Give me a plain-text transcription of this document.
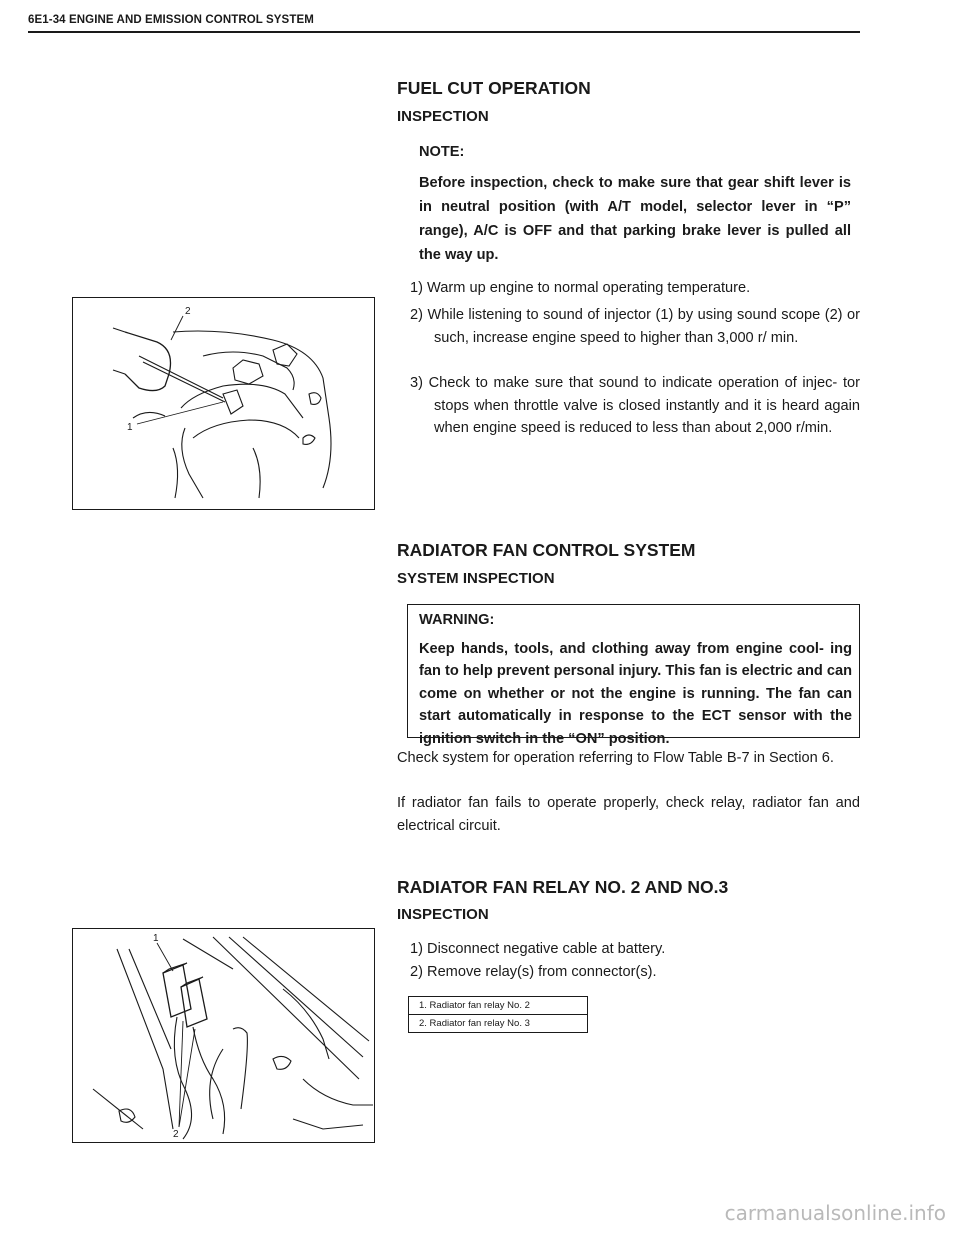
6E1-34 ENGINE AND EMISSION CONTROL SYSTEM
FUEL CUT OPERATION
INSPECTION
NOTE:
Before inspection, check to make sure that gear shift lever is in neutral position (with A/T model, selector lever in “P” range), A/C is OFF and that parking brake lever is pulled all the way up.
1) Warm up engine to normal operating temperature.
2) While listening to sound of injector (1) by using sound scope (2) or such, increase engine speed to higher than 3,000 r/ min.
3) Check to make sure that sound to indicate operation of injec- tor stops when throttle valve is closed instantly and it is heard again when engine speed is reduced to less than about 2,000 r/min.
2
1
RADIATOR FAN CONTROL SYSTEM
SYSTEM INSPECTION
WARNING:
Keep hands, tools, and clothing away from engine cool- ing fan to help prevent personal injury. This fan is electric and can come on whether or not the engine is running. The fan can start automatically in response to the ECT sensor with the ignition switch in the “ON” position.
Check system for operation referring to Flow Table B-7 in Section 6.
If radiator fan fails to operate properly, check relay, radiator fan and electrical circuit.
RADIATOR FAN RELAY NO. 2 AND NO.3
INSPECTION
1) Disconnect negative cable at battery.
2) Remove relay(s) from connector(s).
1
2
1. Radiator fan relay No. 2
2. Radiator fan relay No. 3
carmanualsonline.info
